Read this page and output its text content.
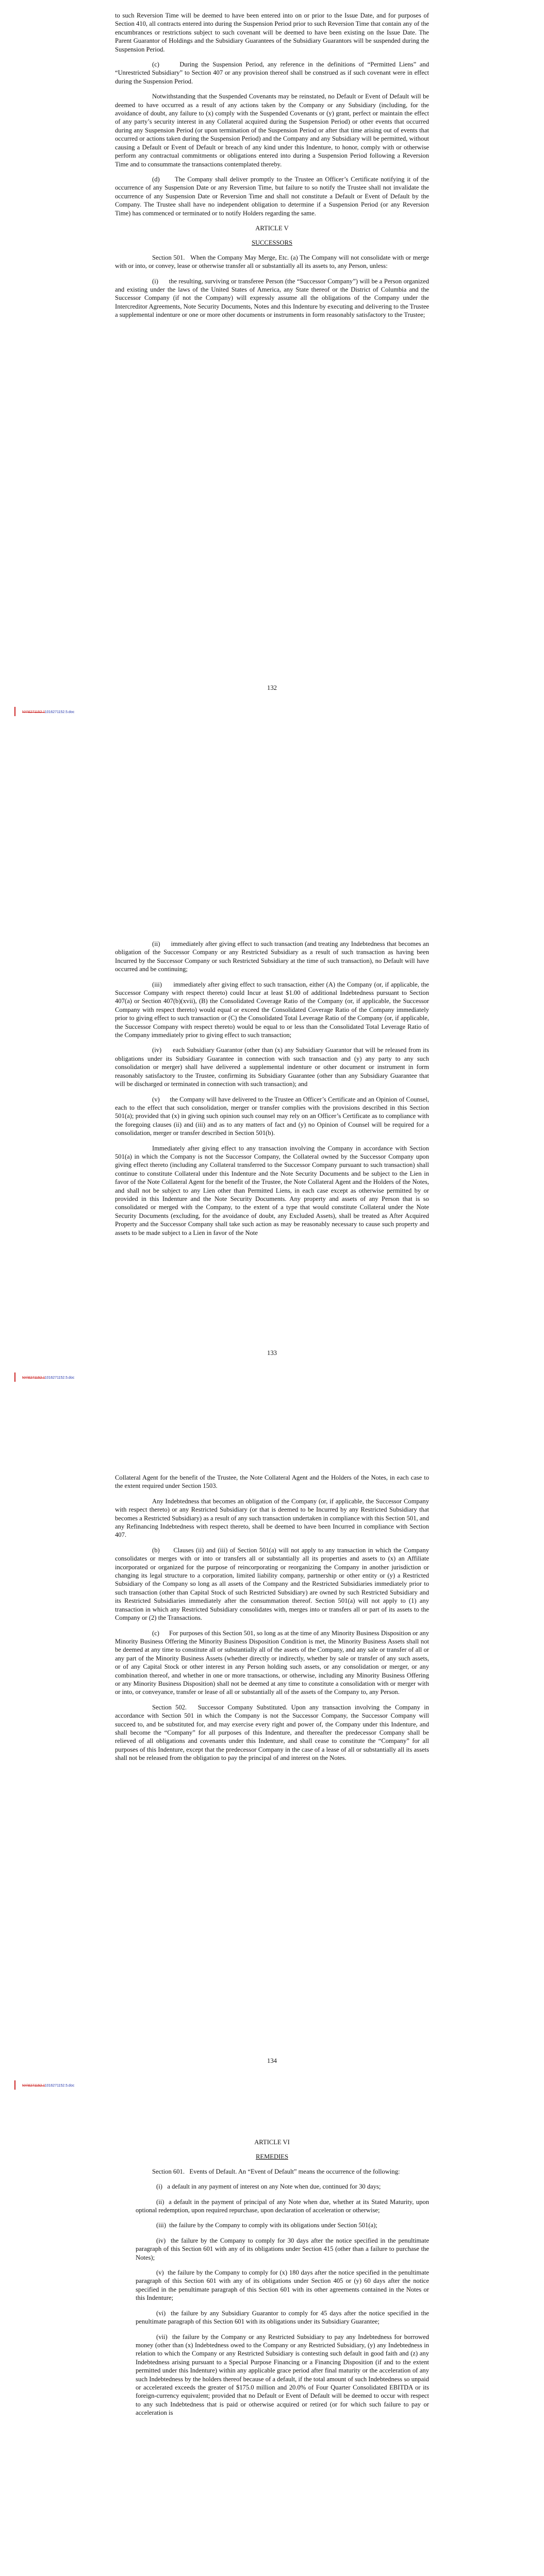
to such Reversion Time will be deemed to have been entered into on or prior to the Issue Date, and for purposes of Section 410, all contracts entered into during the Suspension Period prior to such Reversion Time that contain any of the encumbrances or restrictions subject to such covenant will be deemed to have been existing on the Issue Date. The Parent Guarantor of Holdings and the Subsidiary Guarantees of the Subsidiary Guarantors will be suspended during the Suspension Period.

(c)      During the Suspension Period, any reference in the definitions of “Permitted Liens” and “Unrestricted Subsidiary” to Section 407 or any provision thereof shall be construed as if such covenant were in effect during the Suspension Period.

Notwithstanding that the Suspended Covenants may be reinstated, no Default or Event of Default will be deemed to have occurred as a result of any actions taken by the Company or any Subsidiary (including, for the avoidance of doubt, any failure to (x) comply with the Suspended Covenants or (y) grant, perfect or maintain the effect of any party’s security interest in any Collateral acquired during the Suspension Period) or other events that occurred during any Suspension Period (or upon termination of the Suspension Period or after that time arising out of events that occurred or actions taken during the Suspension Period) and the Company and any Subsidiary will be permitted, without causing a Default or Event of Default or breach of any kind under this Indenture, to honor, comply with or otherwise perform any contractual commitments or obligations entered into during a Suspension Period following a Reversion Time and to consummate the transactions contemplated thereby.

(d)      The Company shall deliver promptly to the Trustee an Officer’s Certificate notifying it of the occurrence of any Suspension Date or any Reversion Time, but failure to so notify the Trustee shall not invalidate the occurrence of any Suspension Date or Reversion Time and shall not constitute a Default or Event of Default by the Company. The Trustee shall have no independent obligation to determine if a Suspension Period (or any Reversion Time) has commenced or terminated or to notify Holders regarding the same.

ARTICLE V
SUCCESSORS

Section 501.   When the Company May Merge, Etc. (a) The Company will not consolidate with or merge with or into, or convey, lease or otherwise transfer all or substantially all its assets to, any Person, unless:

(i)      the resulting, surviving or transferee Person (the “Successor Company”) will be a Person organized and existing under the laws of the United States of America, any State thereof or the District of Columbia and the Successor Company (if not the Company) will expressly assume all the obligations of the Company under the Intercreditor Agreements, Note Security Documents, Notes and this Indenture by executing and delivering to the Trustee a supplemental indenture or one or more other documents or instruments in form reasonably satisfactory to the Trustee;

132
NY\6271152.11016271152.5.doc

(ii)      immediately after giving effect to such transaction (and treating any Indebtedness that becomes an obligation of the Successor Company or any Restricted Subsidiary as a result of such transaction as having been Incurred by the Successor Company or such Restricted Subsidiary at the time of such transaction), no Default will have occurred and be continuing;

(iii)      immediately after giving effect to such transaction, either (A) the Company (or, if applicable, the Successor Company with respect thereto) could Incur at least $1.00 of additional Indebtedness pursuant to Section 407(a) or Section 407(b)(xvii), (B) the Consolidated Coverage Ratio of the Company (or, if applicable, the Successor Company with respect thereto) would equal or exceed the Consolidated Coverage Ratio of the Company immediately prior to giving effect to such transaction or (C) the Consolidated Total Leverage Ratio of the Company (or, if applicable, the Successor Company with respect thereto) would be equal to or less than the Consolidated Total Leverage Ratio of the Company immediately prior to giving effect to such transaction;

(iv)      each Subsidiary Guarantor (other than (x) any Subsidiary Guarantor that will be released from its obligations under its Subsidiary Guarantee in connection with such transaction and (y) any party to any such consolidation or merger) shall have delivered a supplemental indenture or other document or instrument in form reasonably satisfactory to the Trustee, confirming its Subsidiary Guarantee (other than any Subsidiary Guarantee that will be discharged or terminated in connection with such transaction); and

(v)      the Company will have delivered to the Trustee an Officer’s Certificate and an Opinion of Counsel, each to the effect that such consolidation, merger or transfer complies with the provisions described in this Section 501(a); provided that (x) in giving such opinion such counsel may rely on an Officer’s Certificate as to compliance with the foregoing clauses (ii) and (iii) and as to any matters of fact and (y) no Opinion of Counsel will be required for a consolidation, merger or transfer described in Section 501(b).

Immediately after giving effect to any transaction involving the Company in accordance with Section 501(a) in which the Company is not the Successor Company, the Collateral owned by the Successor Company upon giving effect thereto (including any Collateral transferred to the Successor Company pursuant to such transaction) shall continue to constitute Collateral under this Indenture and the Note Security Documents and be subject to the Lien in favor of the Note Collateral Agent for the benefit of the Trustee, the Note Collateral Agent and the Holders of the Notes, and shall not be subject to any Lien other than Permitted Liens, in each case except as otherwise permitted by or provided in this Indenture and the Note Security Documents. Any property and assets of any Person that is so consolidated or merged with the Company, to the extent of a type that would constitute Collateral under the Note Security Documents (excluding, for the avoidance of doubt, any Excluded Assets), shall be treated as After Acquired Property and the Successor Company shall take such action as may be reasonably necessary to cause such property and assets to be made subject to a Lien in favor of the Note

133
NY\6271152.11016271152.5.doc

Collateral Agent for the benefit of the Trustee, the Note Collateral Agent and the Holders of the Notes, in each case to the extent required under Section 1503.

Any Indebtedness that becomes an obligation of the Company (or, if applicable, the Successor Company with respect thereto) or any Restricted Subsidiary (or that is deemed to be Incurred by any Restricted Subsidiary that becomes a Restricted Subsidiary) as a result of any such transaction undertaken in compliance with this Section 501, and any Refinancing Indebtedness with respect thereto, shall be deemed to have been Incurred in compliance with Section 407.

(b)      Clauses (ii) and (iii) of Section 501(a) will not apply to any transaction in which the Company consolidates or merges with or into or transfers all or substantially all its properties and assets to (x) an Affiliate incorporated or organized for the purpose of reincorporating or reorganizing the Company in another jurisdiction or changing its legal structure to a corporation, limited liability company, partnership or other entity or (y) a Restricted Subsidiary of the Company so long as all assets of the Company and the Restricted Subsidiaries immediately prior to such transaction (other than Capital Stock of such Restricted Subsidiary) are owned by such Restricted Subsidiary and its Restricted Subsidiaries immediately after the consummation thereof. Section 501(a) will not apply to (1) any transaction in which any Restricted Subsidiary consolidates with, merges into or transfers all or part of its assets to the Company or (2) the Transactions.

(c)      For purposes of this Section 501, so long as at the time of any Minority Business Disposition or any Minority Business Offering the Minority Business Disposition Condition is met, the Minority Business Assets shall not be deemed at any time to constitute all or substantially all of the assets of the Company, and any sale or transfer of all or any part of the Minority Business Assets (whether directly or indirectly, whether by sale or transfer of any such assets, or of any Capital Stock or other interest in any Person holding such assets, or any consolidation or merger, or any combination thereof, and whether in one or more transactions, or otherwise, including any Minority Business Offering or any Minority Business Disposition) shall not be deemed at any time to constitute a consolidation with or merger with or into, or conveyance, transfer or lease of all or substantially all of the assets of the Company to, any Person.

Section 502.   Successor Company Substituted. Upon any transaction involving the Company in accordance with Section 501 in which the Company is not the Successor Company, the Successor Company will succeed to, and be substituted for, and may exercise every right and power of, the Company under this Indenture, and shall become the “Company” for all purposes of this Indenture, and thereafter the predecessor Company shall be relieved of all obligations and covenants under this Indenture, and shall cease to constitute the “Company” for all purposes of this Indenture, except that the predecessor Company in the case of a lease of all or substantially all its assets shall not be released from the obligation to pay the principal of and interest on the Notes.

134
NY\6271152.11016271152.5.doc
ARTICLE VI
REMEDIES

Section 601.   Events of Default. An “Event of Default” means the occurrence of the following:

(i)   a default in any payment of interest on any Note when due, continued for 30 days;

(ii)  a default in the payment of principal of any Note when due, whether at its Stated Maturity, upon optional redemption, upon required repurchase, upon declaration of acceleration or otherwise;

(iii)  the failure by the Company to comply with its obligations under Section 501(a);

(iv)  the failure by the Company to comply for 30 days after the notice specified in the penultimate paragraph of this Section 601 with any of its obligations under Section 415 (other than a failure to purchase the Notes);

(v)  the failure by the Company to comply for (x) 180 days after the notice specified in the penultimate paragraph of this Section 601 with any of its obligations under Section 405 or (y) 60 days after the notice specified in the penultimate paragraph of this Section 601 with its other agreements contained in the Notes or this Indenture;

(vi)  the failure by any Subsidiary Guarantor to comply for 45 days after the notice specified in the penultimate paragraph of this Section 601 with its obligations under its Subsidiary Guarantee;

(vii)  the failure by the Company or any Restricted Subsidiary to pay any Indebtedness for borrowed money (other than (x) Indebtedness owed to the Company or any Restricted Subsidiary, (y) any Indebtedness in relation to which the Company or any Restricted Subsidiary is contesting such default in good faith and (z) any Indebtedness arising pursuant to a Special Purpose Financing or a Financing Disposition (if and to the extent permitted under this Indenture) within any applicable grace period after final maturity or the acceleration of any such Indebtedness by the holders thereof because of a default, if the total amount of such Indebtedness so unpaid or accelerated exceeds the greater of $175.0 million and 20.0% of Four Quarter Consolidated EBITDA or its foreign-currency equivalent; provided that no Default or Event of Default will be deemed to occur with respect to any such Indebtedness that is paid or otherwise acquired or retired (or for which such failure to pay or acceleration is
